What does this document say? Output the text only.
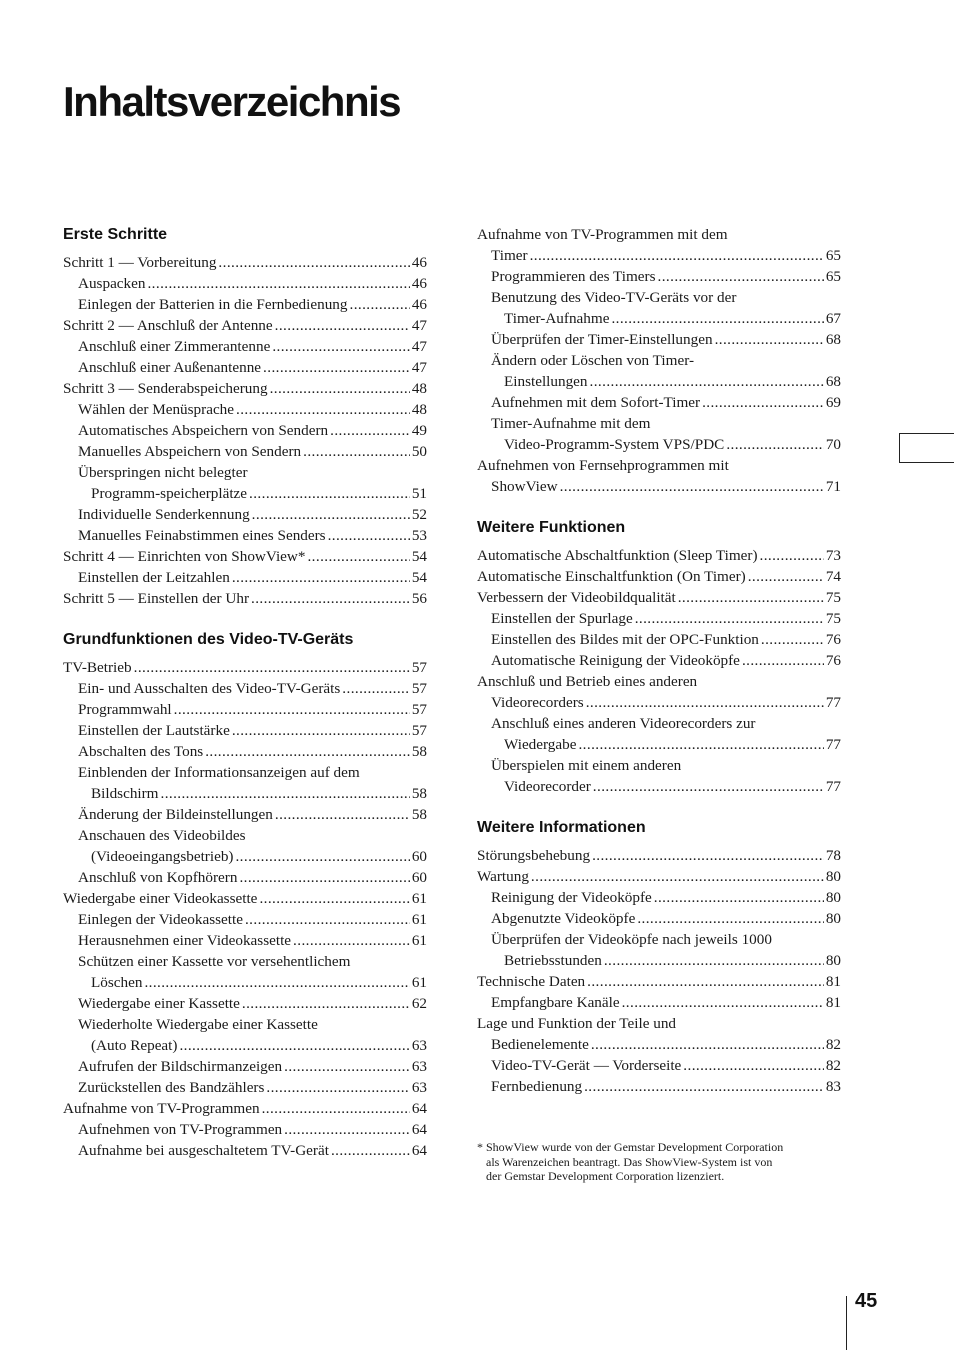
Inhaltsverzeichnis
Erste Schritte
Schritt 1 — Vorbereitung .....	46
Auspacken .....	46
Einlegen der Batterien in die Fernbedienung .....	46
Schritt 2 — Anschluß der Antenne .....	47
Anschluß einer Zimmerantenne .....	47
Anschluß einer Außenantenne .....	47
Schritt 3 — Senderabspeicherung .....	48
Wählen der Menüsprache .....	48
Automatisches Abspeichern von Sendern .....	49
Manuelles Abspeichern von Sendern .....	50
Überspringen nicht belegter
Programm-speicherplätze .....	51
Individuelle Senderkennung .....	52
Manuelles Feinabstimmen eines Senders .....	53
Schritt 4 — Einrichten von ShowView* .....	54
Einstellen der Leitzahlen .....	54
Schritt 5 — Einstellen der Uhr .....	56
Grundfunktionen des Video-TV-Geräts
TV-Betrieb .....	57
Ein- und Ausschalten des Video-TV-Geräts .....	57
Programmwahl .....	57
Einstellen der Lautstärke .....	57
Abschalten des Tons .....	58
Einblenden der Informationsanzeigen auf dem
Bildschirm .....	58
Änderung der Bildeinstellungen .....	58
Anschauen des Videobildes
(Videoeingangsbetrieb) .....	60
Anschluß von Kopfhörern .....	60
Wiedergabe einer Videokassette .....	61
Einlegen der Videokassette .....	61
Herausnehmen einer Videokassette .....	61
Schützen einer Kassette vor versehentlichem
Löschen .....	61
Wiedergabe einer Kassette .....	62
Wiederholte Wiedergabe einer Kassette
(Auto Repeat) .....	63
Aufrufen der Bildschirmanzeigen .....	63
Zurückstellen des Bandzählers .....	63
Aufnahme von TV-Programmen .....	64
Aufnehmen von TV-Programmen .....	64
Aufnahme bei ausgeschaltetem TV-Gerät .....	64
Aufnahme von TV-Programmen mit dem
Timer .....	65
Programmieren des Timers .....	65
Benutzung des Video-TV-Geräts vor der
Timer-Aufnahme .....	67
Überprüfen der Timer-Einstellungen .....	68
Ändern oder Löschen von Timer-
Einstellungen .....	68
Aufnehmen mit dem Sofort-Timer .....	69
Timer-Aufnahme mit dem
Video-Programm-System VPS/PDC .....	70
Aufnehmen von Fernsehprogrammen mit
ShowView .....	71
Weitere Funktionen
Automatische Abschaltfunktion (Sleep Timer) .....	73
Automatische Einschaltfunktion (On Timer) .....	74
Verbessern der Videobildqualität .....	75
Einstellen der Spurlage .....	75
Einstellen des Bildes mit der OPC-Funktion .....	76
Automatische Reinigung der Videoköpfe .....	76
Anschluß und Betrieb eines anderen
Videorecorders .....	77
Anschluß eines anderen Videorecorders zur
Wiedergabe .....	77
Überspielen mit einem anderen
Videorecorder .....	77
Weitere Informationen
Störungsbehebung .....	78
Wartung .....	80
Reinigung der Videoköpfe .....	80
Abgenutzte Videoköpfe .....	80
Überprüfen der Videoköpfe nach jeweils 1000
Betriebsstunden .....	80
Technische Daten .....	81
Empfangbare Kanäle .....	81
Lage und Funktion der Teile und
Bedienelemente .....	82
Video-TV-Gerät — Vorderseite .....	82
Fernbedienung .....	83

* ShowView wurde von der Gemstar Development Corporation
als Warenzeichen beantragt. Das ShowView-System ist von
der Gemstar Development Corporation lizenziert.

45
